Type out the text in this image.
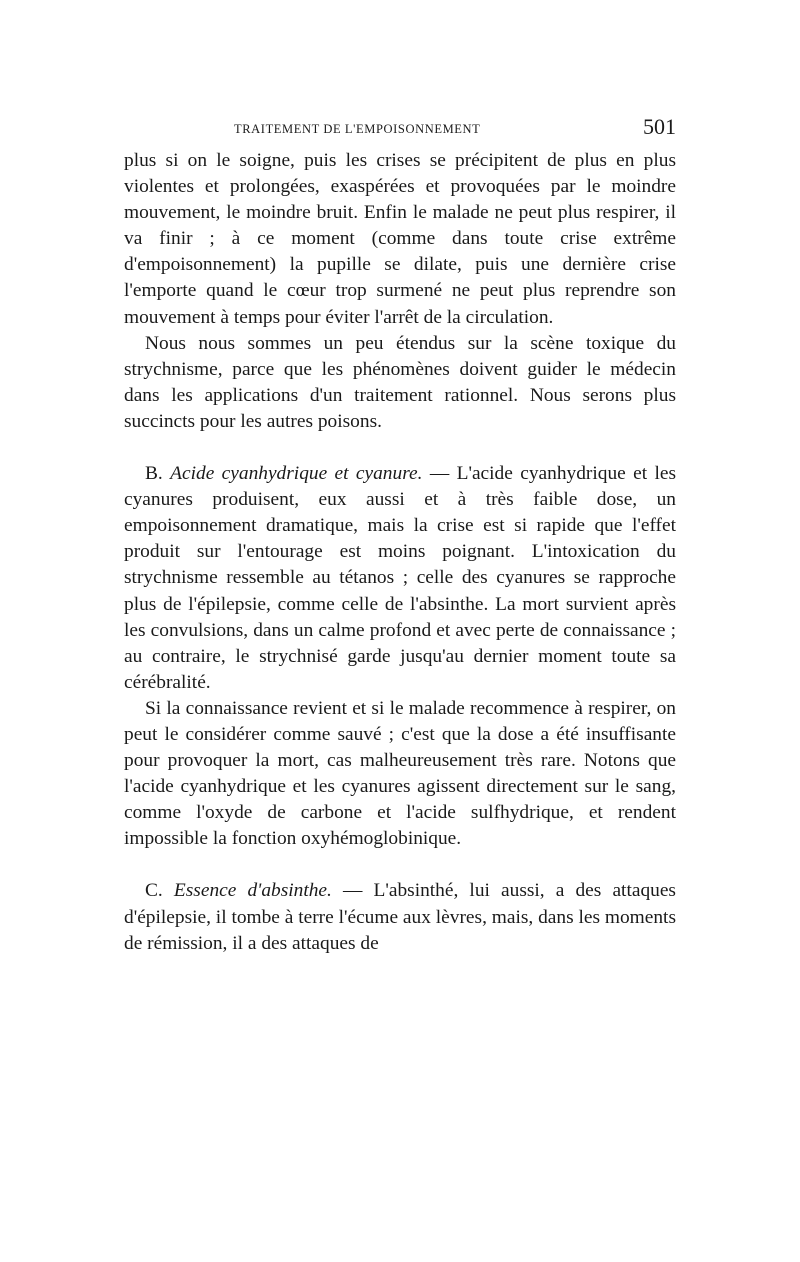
TRAITEMENT DE L'EMPOISONNEMENT	501

plus si on le soigne, puis les crises se précipitent de plus en plus violentes et prolongées, exaspérées et provoquées par le moindre mouvement, le moindre bruit. Enfin le malade ne peut plus respirer, il va finir ; à ce moment (comme dans toute crise extrême d'empoisonnement) la pupille se dilate, puis une dernière crise l'emporte quand le cœur trop surmené ne peut plus reprendre son mouvement à temps pour éviter l'arrêt de la circulation.

Nous nous sommes un peu étendus sur la scène toxique du strychnisme, parce que les phénomènes doivent guider le médecin dans les applications d'un traitement rationnel. Nous serons plus succincts pour les autres poisons.

B. Acide cyanhydrique et cyanure. — L'acide cyanhydrique et les cyanures produisent, eux aussi et à très faible dose, un empoisonnement dramatique, mais la crise est si rapide que l'effet produit sur l'entourage est moins poignant. L'intoxication du strychnisme ressemble au tétanos ; celle des cyanures se rapproche plus de l'épilepsie, comme celle de l'absinthe. La mort survient après les convulsions, dans un calme profond et avec perte de connaissance ; au contraire, le strychnisé garde jusqu'au dernier moment toute sa cérébralité.

Si la connaissance revient et si le malade recommence à respirer, on peut le considérer comme sauvé ; c'est que la dose a été insuffisante pour provoquer la mort, cas malheureusement très rare. Notons que l'acide cyanhydrique et les cyanures agissent directement sur le sang, comme l'oxyde de carbone et l'acide sulfhydrique, et rendent impossible la fonction oxyhémoglobinique.

C. Essence d'absinthe. — L'absinthé, lui aussi, a des attaques d'épilepsie, il tombe à terre l'écume aux lèvres, mais, dans les moments de rémission, il a des attaques de
